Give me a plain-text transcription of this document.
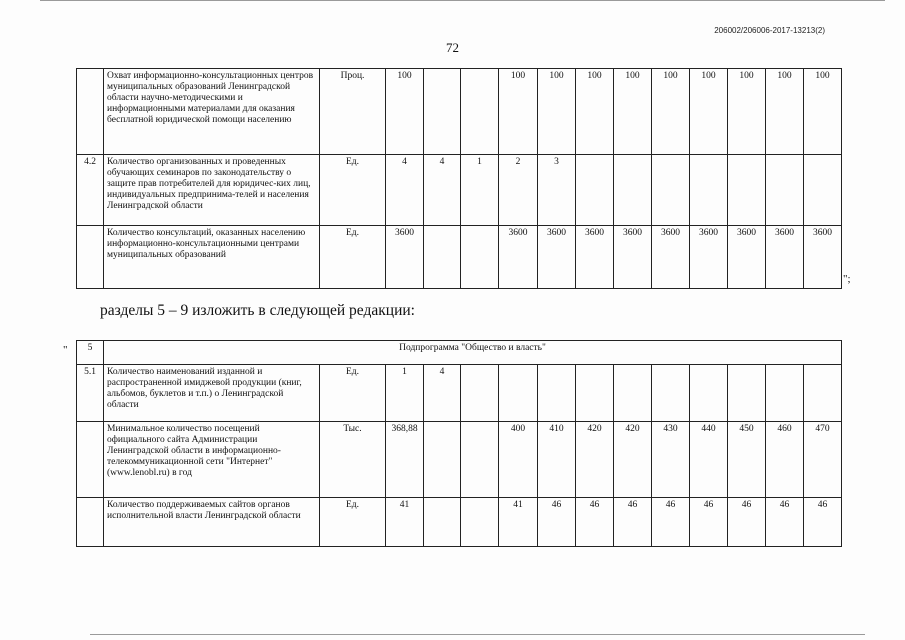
206002/206006-2017-13213(2)
72
	Охват информационно-консультационных центров муниципальных образований Ленинградской области научно-методическими и информационными материалами для оказания бесплатной юридической помощи населению	Проц.	100			100	100	100	100	100	100	100	100	100
4.2	Количество организованных и проведенных обучающих семинаров по законодательству о защите прав потребителей для юридичес-ких лиц, индивидуальных предпринима-телей и населения Ленинградской области	Ед.	4	4	1	2	3							
	Количество консультаций, оказанных населению информационно-консультационными центрами муниципальных образований	Ед.	3600			3600	3600	3600	3600	3600	3600	3600	3600	3600
";
разделы 5 – 9 изложить в следующей редакции:
" 5	Подпрограмма "Общество и власть"													
5.1	Количество наименований изданной и распространенной имиджевой продукции (книг, альбомов, буклетов и т.п.) о Ленинградской области	Ед.	1	4										
	Минимальное количество посещений официального сайта Администрации Ленинградской области в информационно-телекоммуникационной сети "Интернет" (www.lenobl.ru) в год	Тыс.	368,88			400	410	420	420	430	440	450	460	470
	Количество поддерживаемых сайтов органов исполнительной власти Ленинградской области	Ед.	41			41	46	46	46	46	46	46	46	46
